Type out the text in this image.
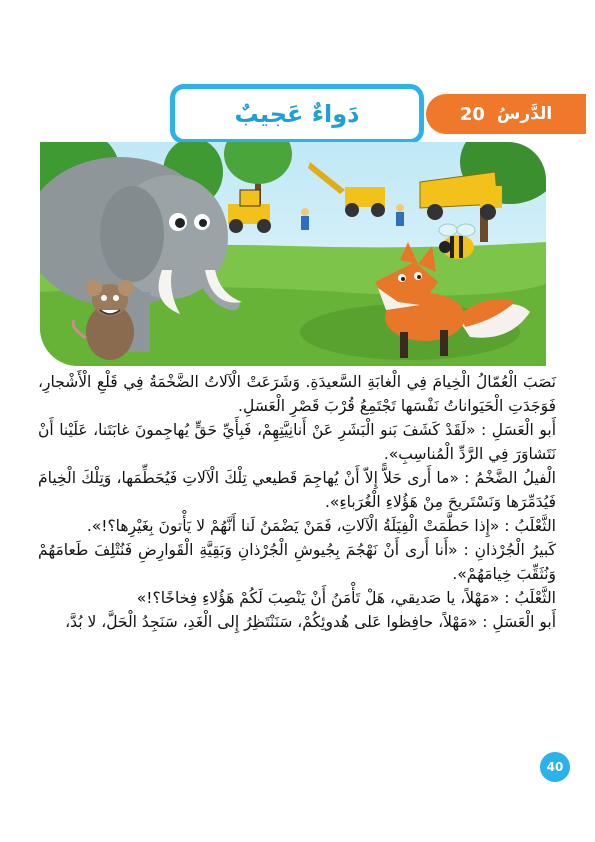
الدَّرسُ
20
دَواءٌ عَجيبٌ

نَصَبَ الْعُمّالُ الْخِيامَ فِي الْغابَةِ السَّعيدَةِ. وَشَرَعَتْ الْآلاتُ الضَّخْمَةُ فِي قَلْعِ الْأَشْجارِ، فَوَجَدَتِ الْحَيَواناتُ نَفْسَها تَجْتَمِعُ قُرْبَ قَصْرِ الْعَسَلِ.

أَبو الْعَسَلِ : «لَقَدْ كَشَفَ بَنو الْبَشَرِ عَنْ أَنانِيَّتِهِمْ، فَبِأَيِّ حَقٍّ يُهاجِمونَ غابَتَنا، عَلَيْنا أَنْ نَتَشاوَرَ فِي الرَّدِّ الْمُناسِبِ».

الْفيلُ الضَّخْمُ : «ما أَرى حَلاًّ إِلاّ أَنْ يُهاجِمَ قَطيعي تِلْكَ الْآلاتِ فَيُحَطِّمَها، وَتِلْكَ الْخِيامَ فَيُدَمِّرَها وَنَسْتَريحَ مِنْ هَؤُلاءِ الْغُرَباءِ».

الثَّعْلَبُ : «إِذا حَطَّمَتْ الْفِيَلَةُ الْآلاتِ، فَمَنْ يَضْمَنُ لَنا أَنَّهُمْ لا يَأْتونَ بِغَيْرِها؟!».

كَبيرُ الْجُرْذانِ : «أَنا أَرى أَنْ نَهْجُمَ بِجُيوشِ الْجُرْذانِ وَبَقِيَّةِ الْقَوارِضِ فَنُتْلِفَ طَعامَهُمْ وَنُثَقِّبَ خِيامَهُمْ».

الثَّعْلَبُ : «مَهْلاً، يا صَديقي، هَلْ تَأْمَنُ أَنْ يَنْصِبَ لَكُمْ هَؤُلاءِ فِخاخًا؟!»

أَبو الْعَسَلِ : «مَهْلاً، حافِظوا عَلى هُدوئِكُمْ، سَنَنْتَظِرُ إِلى الْغَدِ، سَنَجِدُ الْحَلَّ، لا بُدَّ،

40
